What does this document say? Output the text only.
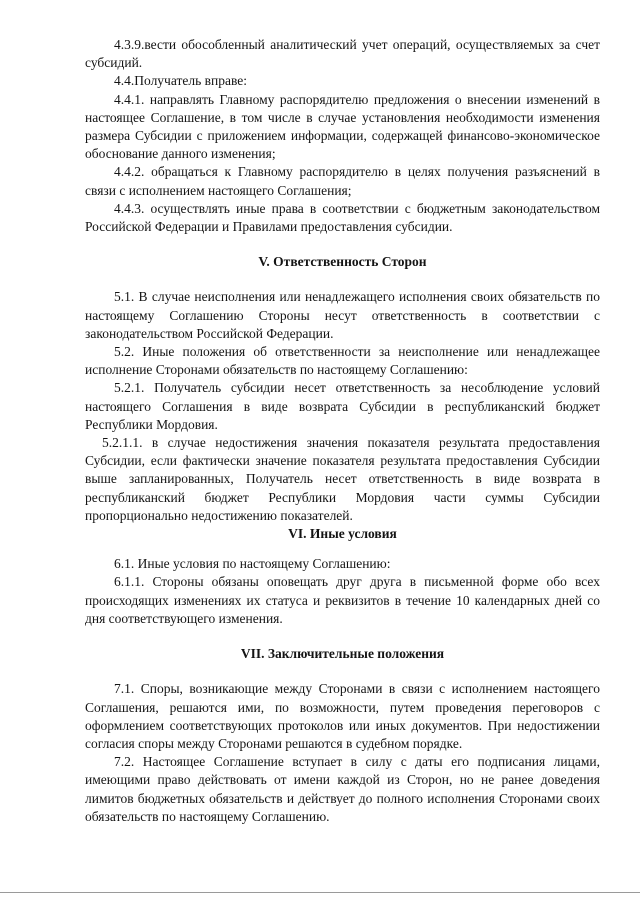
4.3.9.вести обособленный аналитический учет операций, осуществляемых за счет субсидий.

4.4.Получатель вправе:

4.4.1. направлять Главному распорядителю предложения о внесении изменений в настоящее Соглашение, в том числе в случае установления необходимости изменения размера Субсидии с приложением информации, содержащей финансово-экономическое обоснование данного изменения;

4.4.2. обращаться к Главному распорядителю в целях получения разъяснений в связи с исполнением настоящего Соглашения;

4.4.3. осуществлять иные права в соответствии с бюджетным законодательством Российской Федерации и Правилами предоставления субсидии.

V. Ответственность Сторон

5.1. В случае неисполнения или ненадлежащего исполнения своих обязательств по настоящему Соглашению Стороны несут ответственность в соответствии с законодательством Российской Федерации.

5.2. Иные положения об ответственности за неисполнение или ненадлежащее исполнение Сторонами обязательств по настоящему Соглашению:

5.2.1. Получатель субсидии несет ответственность за несоблюдение условий настоящего Соглашения в виде возврата Субсидии в республиканский бюджет Республики Мордовия.

5.2.1.1. в случае недостижения значения показателя результата предоставления Субсидии, если фактически значение показателя результата предоставления Субсидии выше запланированных, Получатель несет ответственность в виде возврата в республиканский бюджет Республики Мордовия части суммы Субсидии пропорционально недостижению показателей.

VI. Иные условия

6.1. Иные условия по настоящему Соглашению:

6.1.1. Стороны обязаны оповещать друг друга в письменной форме обо всех происходящих изменениях их статуса и реквизитов в течение 10 календарных дней со дня соответствующего изменения.

VII. Заключительные положения

7.1. Споры, возникающие между Сторонами в связи с исполнением настоящего Соглашения, решаются ими, по возможности, путем проведения переговоров с оформлением соответствующих протоколов или иных документов. При недостижении согласия споры между Сторонами решаются в судебном порядке.

7.2. Настоящее Соглашение вступает в силу с даты его подписания лицами, имеющими право действовать от имени каждой из Сторон, но не ранее доведения лимитов бюджетных обязательств и действует до полного исполнения Сторонами своих обязательств по настоящему Соглашению.
